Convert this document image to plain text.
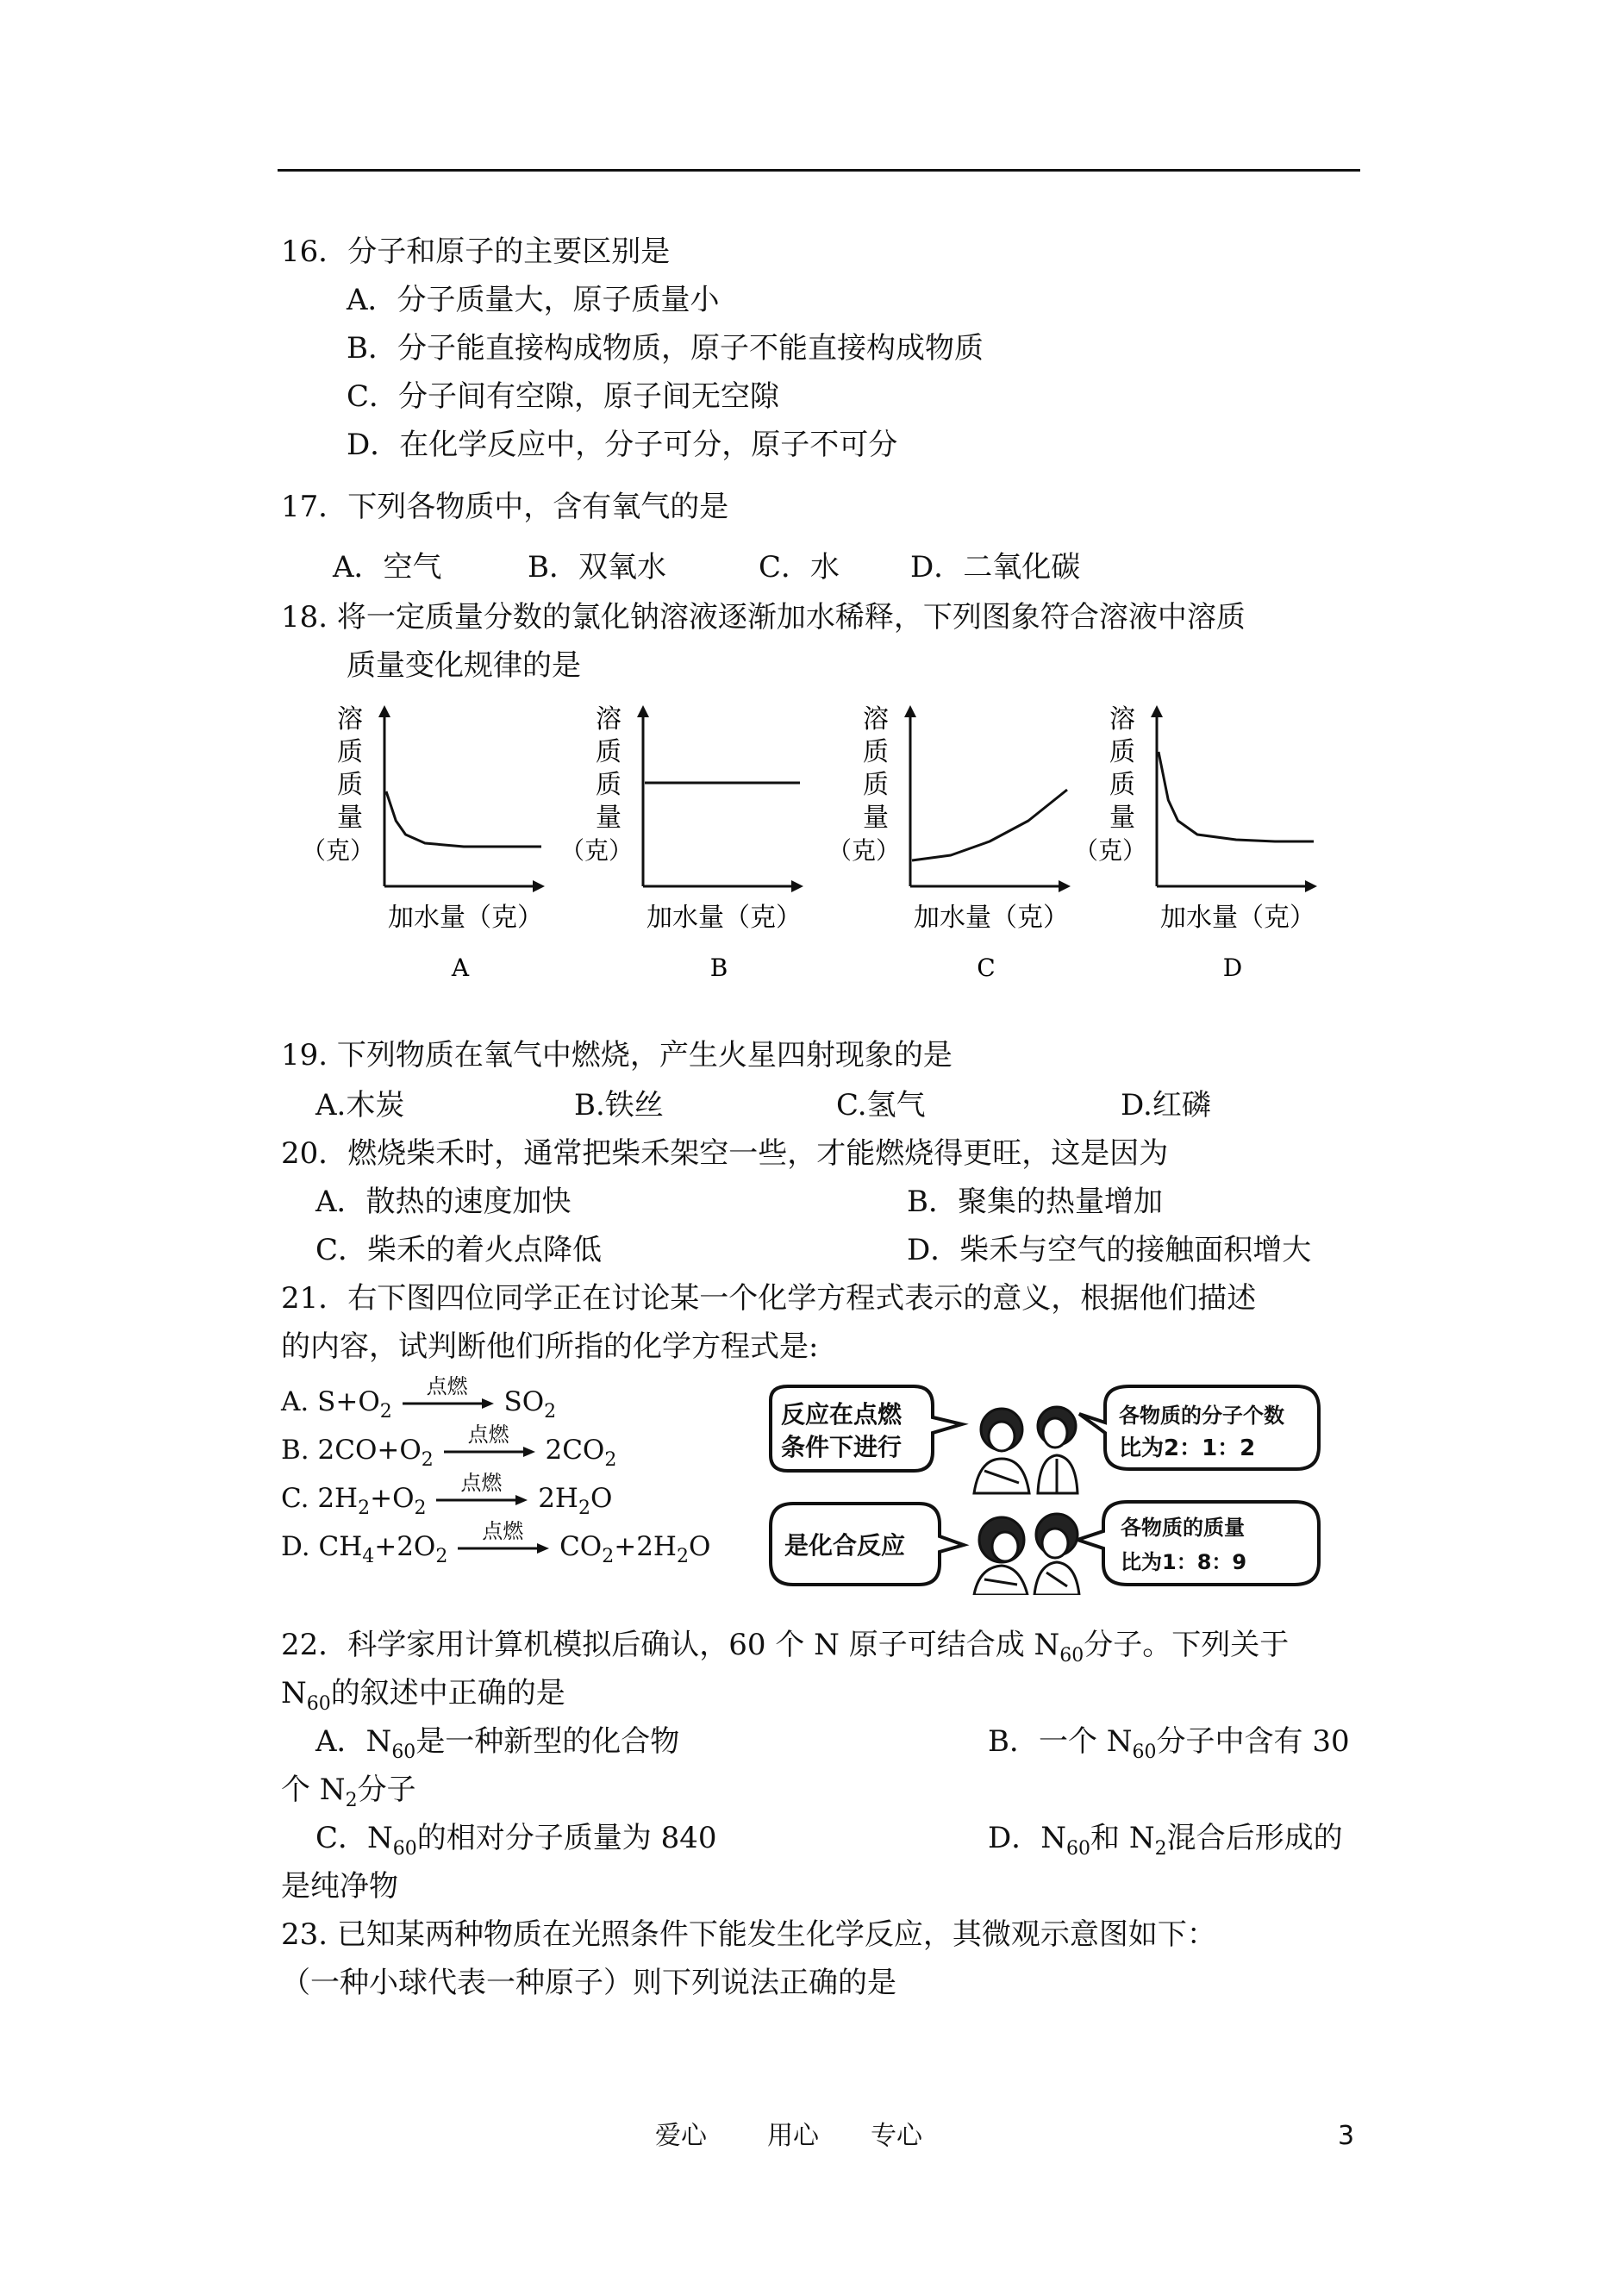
16．分子和原子的主要区别是
A．分子质量大，原子质量小
B．分子能直接构成物质，原子不能直接构成物质
C．分子间有空隙，原子间无空隙
D．在化学反应中，分子可分，原子不可分
17．下列各物质中，含有氧气的是
A．空气	B．双氧水	C．水 D．二氧化碳
18. 将一定质量分数的氯化钠溶液逐渐加水稀释，下列图象符合溶液中溶质
质量变化规律的是
溶
质
质
量
（克）
加水量（克）
A
溶
质
质
量
（克）
加水量（克）
B
溶
质
质
量
（克）
加水量（克）
C
溶
质
质
量
（克）
加水量（克）
D
19. 下列物质在氧气中燃烧，产生火星四射现象的是
A.木炭	B.铁丝	C.氢气	D.红磷
20．燃烧柴禾时，通常把柴禾架空一些，才能燃烧得更旺，这是因为
A．散热的速度加快	B．聚集的热量增加
C．柴禾的着火点降低	D．柴禾与空气的接触面积增大
21．右下图四位同学正在讨论某一个化学方程式表示的意义，根据他们描述
的内容，试判断他们所指的化学方程式是:
A. $S+O_2$
点燃	$SO_2$
B. $2CO+O_2$
点燃	$2CO_2$
C. $2H_2+O_2$
点燃	$2H_2O$
D. $CH_4+2O_2$
点燃	$CO_2+2H_2O$
反应在点燃
条件下进行
各物质的分子个数
比为2：1：2
是化合反应
各物质的质量
比为1：8：9
22．科学家用计算机模拟后确认，60 个 N 原子可结合成 $N_{60}$分子。下列关于
$N_{60}$的叙述中正确的是
A．$N_{60}$是一种新型的化合物	B．一个 $N_{60}$分子中含有 30
个 $N_2$分子
C．$N_{60}$的相对分子质量为 840	D．$N_{60}$和 $N_2$混合后形成的
是纯净物
23. 已知某两种物质在光照条件下能发生化学反应，其微观示意图如下：
（一种小球代表一种原子）则下列说法正确的是
爱心 用心 专心	3
